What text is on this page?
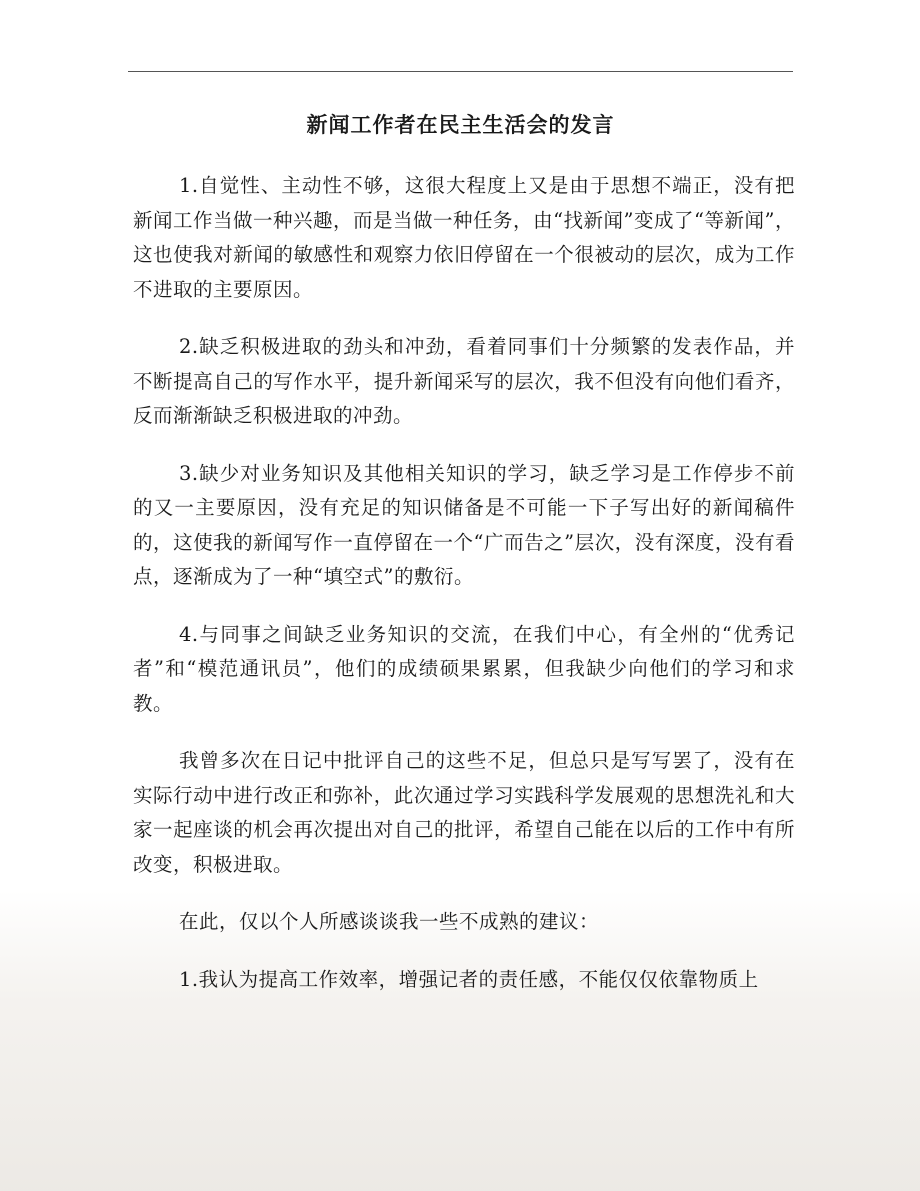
新闻工作者在民主生活会的发言

1.自觉性、主动性不够，这很大程度上又是由于思想不端正，没有把新闻工作当做一种兴趣，而是当做一种任务，由“找新闻”变成了“等新闻”，这也使我对新闻的敏感性和观察力依旧停留在一个很被动的层次，成为工作不进取的主要原因。

2.缺乏积极进取的劲头和冲劲，看着同事们十分频繁的发表作品，并不断提高自己的写作水平，提升新闻采写的层次，我不但没有向他们看齐，反而渐渐缺乏积极进取的冲劲。

3.缺少对业务知识及其他相关知识的学习，缺乏学习是工作停步不前的又一主要原因，没有充足的知识储备是不可能一下子写出好的新闻稿件的，这使我的新闻写作一直停留在一个“广而告之”层次，没有深度，没有看点，逐渐成为了一种“填空式”的敷衍。

4.与同事之间缺乏业务知识的交流，在我们中心，有全州的“优秀记者”和“模范通讯员”，他们的成绩硕果累累，但我缺少向他们的学习和求教。

我曾多次在日记中批评自己的这些不足，但总只是写写罢了，没有在实际行动中进行改正和弥补，此次通过学习实践科学发展观的思想洗礼和大家一起座谈的机会再次提出对自己的批评，希望自己能在以后的工作中有所改变，积极进取。

在此，仅以个人所感谈谈我一些不成熟的建议：

1.我认为提高工作效率，增强记者的责任感，不能仅仅依靠物质上
